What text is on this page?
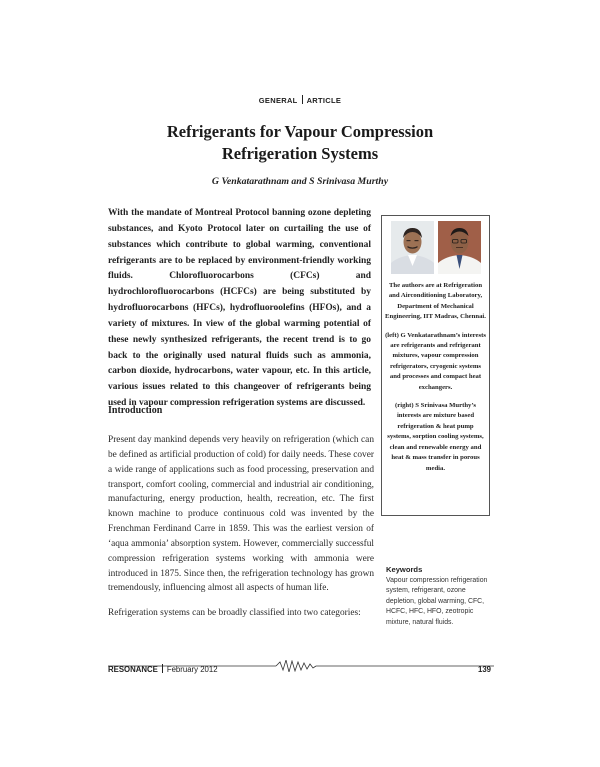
GENERAL ARTICLE
Refrigerants for Vapour Compression
Refrigeration Systems
G Venkatarathnam and S Srinivasa Murthy
With the mandate of Montreal Protocol banning ozone depleting substances, and Kyoto Protocol later on curtailing the use of substances which contribute to global warming, conventional refrigerants are to be replaced by environment-friendly working fluids. Chlorofluorocarbons (CFCs) and hydrochlorofluorocarbons (HCFCs) are being substituted by hydrofluorocarbons (HFCs), hydrofluoroolefins (HFOs), and a variety of mixtures. In view of the global warming potential of these newly synthesized refrigerants, the recent trend is to go back to the originally used natural fluids such as ammonia, carbon dioxide, hydrocarbons, water vapour, etc. In this article, various issues related to this changeover of refrigerants being used in vapour compression refrigeration systems are discussed.
Introduction
Present day mankind depends very heavily on refrigeration (which can be defined as artificial production of cold) for daily needs. These cover a wide range of applications such as food processing, preservation and transport, comfort cooling, commercial and industrial air conditioning, manufacturing, energy production, health, recreation, etc. The first known machine to produce continuous cold was invented by the Frenchman Ferdinand Carre in 1859. This was the earliest version of ‘aqua ammonia’ absorption system. However, commercially successful compression refrigeration systems working with ammonia were introduced in 1875. Since then, the refrigeration technology has grown tremendously, influencing almost all aspects of human life.
Refrigeration systems can be broadly classified into two categories:

The authors are at Refrigeration and Airconditioning Laboratory, Department of Mechanical Engineering, IIT Madras, Chennai.

(left) G Venkatarathnam’s interests are refrigerants and refrigerant mixtures, vapour compression refrigerators, cryogenic systems and processes and compact heat exchangers.

(right) S Srinivasa Murthy’s interests are mixture based refrigeration & heat pump systems, sorption cooling systems, clean and renewable energy and heat & mass transfer in porous media.

Keywords
Vapour compression refrigeration system, refrigerant, ozone depletion, global warming, CFC, HCFC, HFC, HFO, zeotropic mixture, natural fluids.
RESONANCE February 2012	139
